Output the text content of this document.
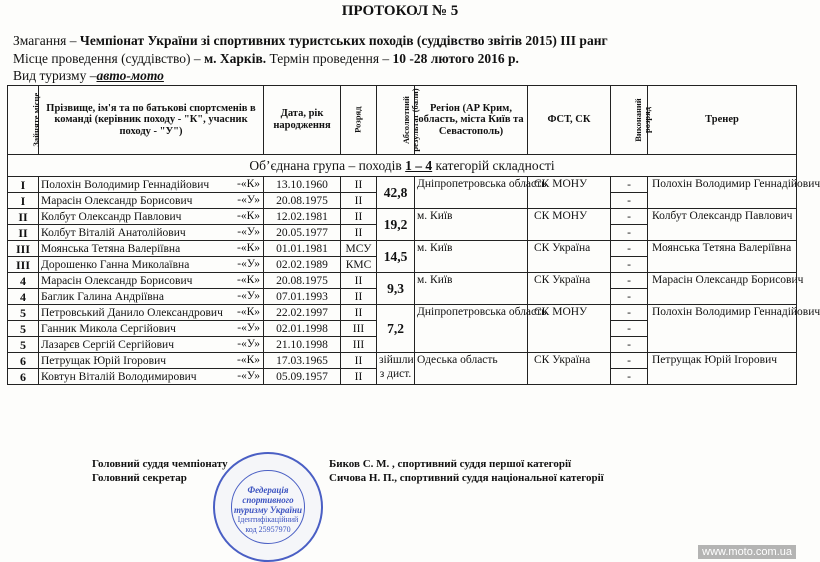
ПРОТОКОЛ № 5
Змагання – Чемпіонат України зі спортивних туристських походів (суддівство звітів 2015) ІІІ ранг
Місце проведення (суддівство) – м. Харків. Термін проведення – 10 -28 лютого 2016 р.
Вид туризму –авто-мото
Зайняте місце	Прізвище, ім'я та по батькові спортсменів в команді (керівник походу - "К", учасник походу - "У")	Дата, рік народження	Розряд	Абсолютний результат (бали)	Регіон (АР Крим, область, міста Київ та Севастополь)	ФСТ, СК	Виконаний розряд	Тренер
Об’єднана група – походів 1 – 4 категорій складності								
I	Полохін Володимир Геннадійович -«К»	13.10.1960	II	42,8	Дніпропетровська область	СК МОНУ	-	Полохін Володимир Геннадійович
I	Марасін Олександр Борисович -«У»	20.08.1975	II				-	
II	Колбут Олександр Павлович -«К»	12.02.1981	II	19,2	м. Київ	СК МОНУ	-	Колбут Олександр Павлович
II	Колбут Віталій Анатолійович -«У»	20.05.1977	II				-	
III	Моянська Тетяна Валеріївна -«К»	01.01.1981	МСУ	14,5	м. Київ	СК Україна	-	Моянська Тетяна Валеріївна
III	Дорошенко Ганна Миколаївна -«У»	02.02.1989	КМС				-	
4	Марасін Олександр Борисович -«К»	20.08.1975	II	9,3	м. Київ	СК Україна	-	Марасін Олександр Борисович
4	Баглик Галина Андріївна -«У»	07.01.1993	II				-	
5	Петровський Данило Олександрович -«К»	22.02.1997	II	7,2	Дніпропетровська область	СК МОНУ	-	Полохін Володимир Геннадійович
5	Ганник Микола Сергійович -«У»	02.01.1998	III				-	
5	Лазарєв Сергій Сергійович -«У»	21.10.1998	III				-	
6	Петрущак Юрій Ігорович -«К»	17.03.1965	II	зійшли з дист.	Одеська область	СК Україна	-	Петрущак Юрій Ігорович
6	Ковтун Віталій Володимирович -«У»	05.09.1957	II				-	
Головний суддя чемпіонату
Головний секретар
Биков С. М. , спортивний суддя першої категорії
Сичова Н. П., спортивний суддя національної категорії
Федерація спортивного туризму України
Ідентифікаційний
код 25957970
www.moto.com.ua
